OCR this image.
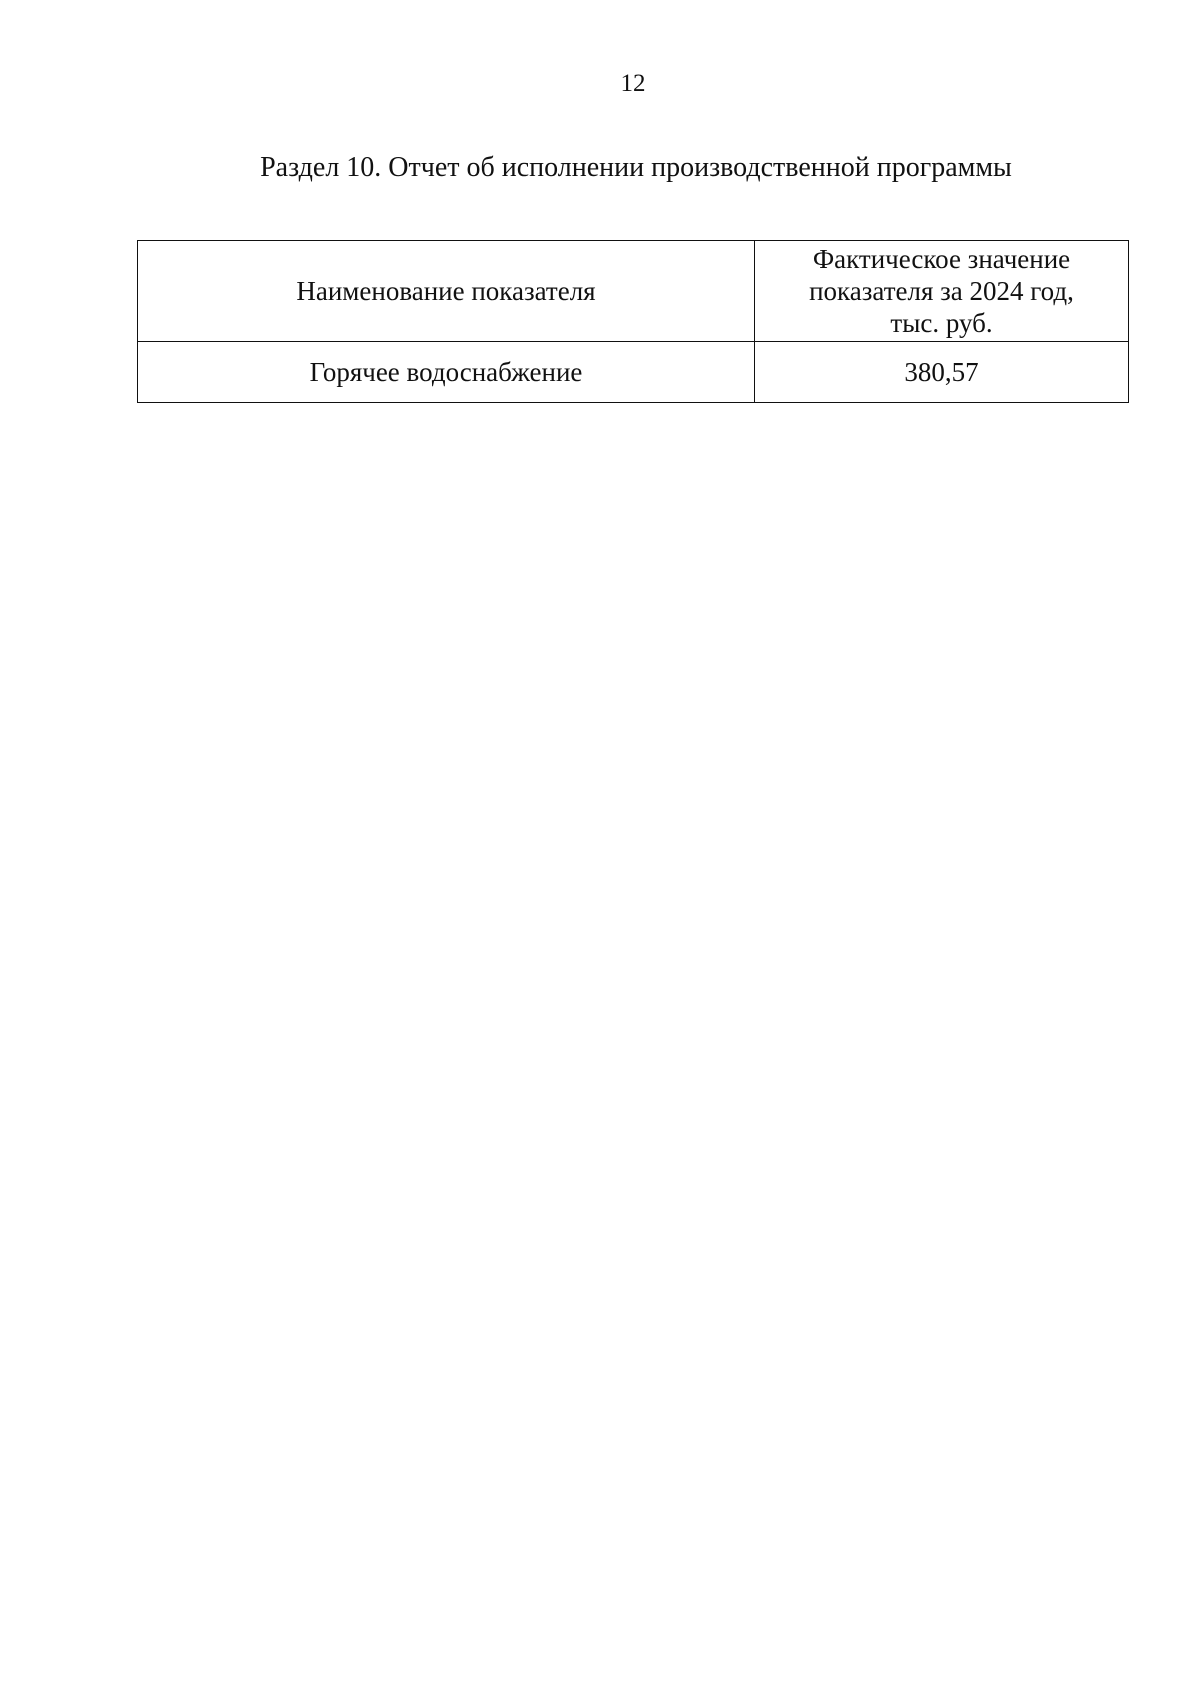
12
Раздел 10. Отчет об исполнении производственной программы
Наименование показателя	Фактическое значение
показателя за 2024 год,
тыс. руб.

Горячее водоснабжение	380,57
